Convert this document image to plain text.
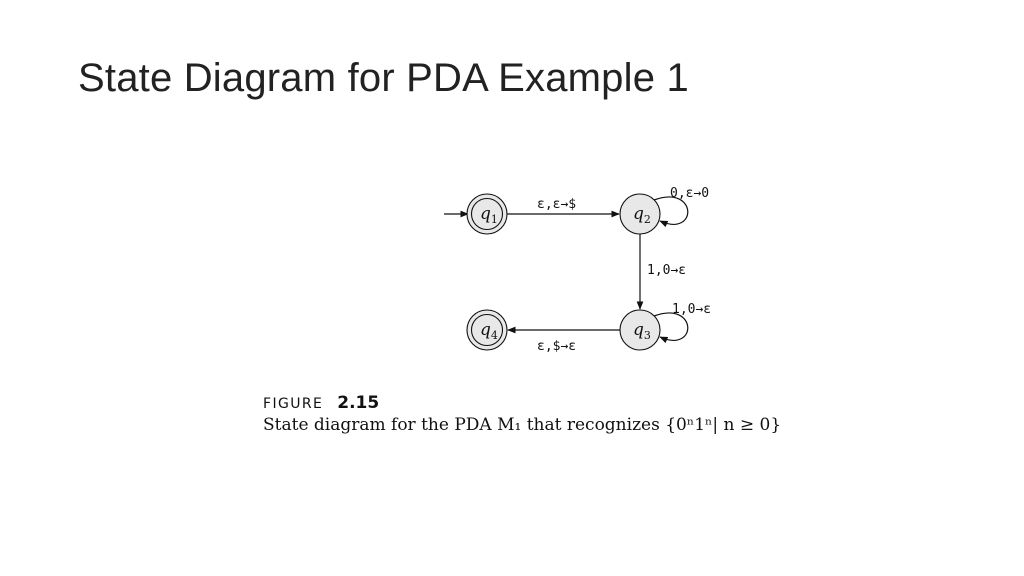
State Diagram for PDA Example 1
$q_1$	$q_2$
$q_3$
$q_4$
ε,ε→$
0,ε→0
1,0→ε
1,0→ε
ε,$→ε
FIGURE 2.15
State diagram for the PDA M₁ that recognizes {0ⁿ1ⁿ| n ≥ 0}
